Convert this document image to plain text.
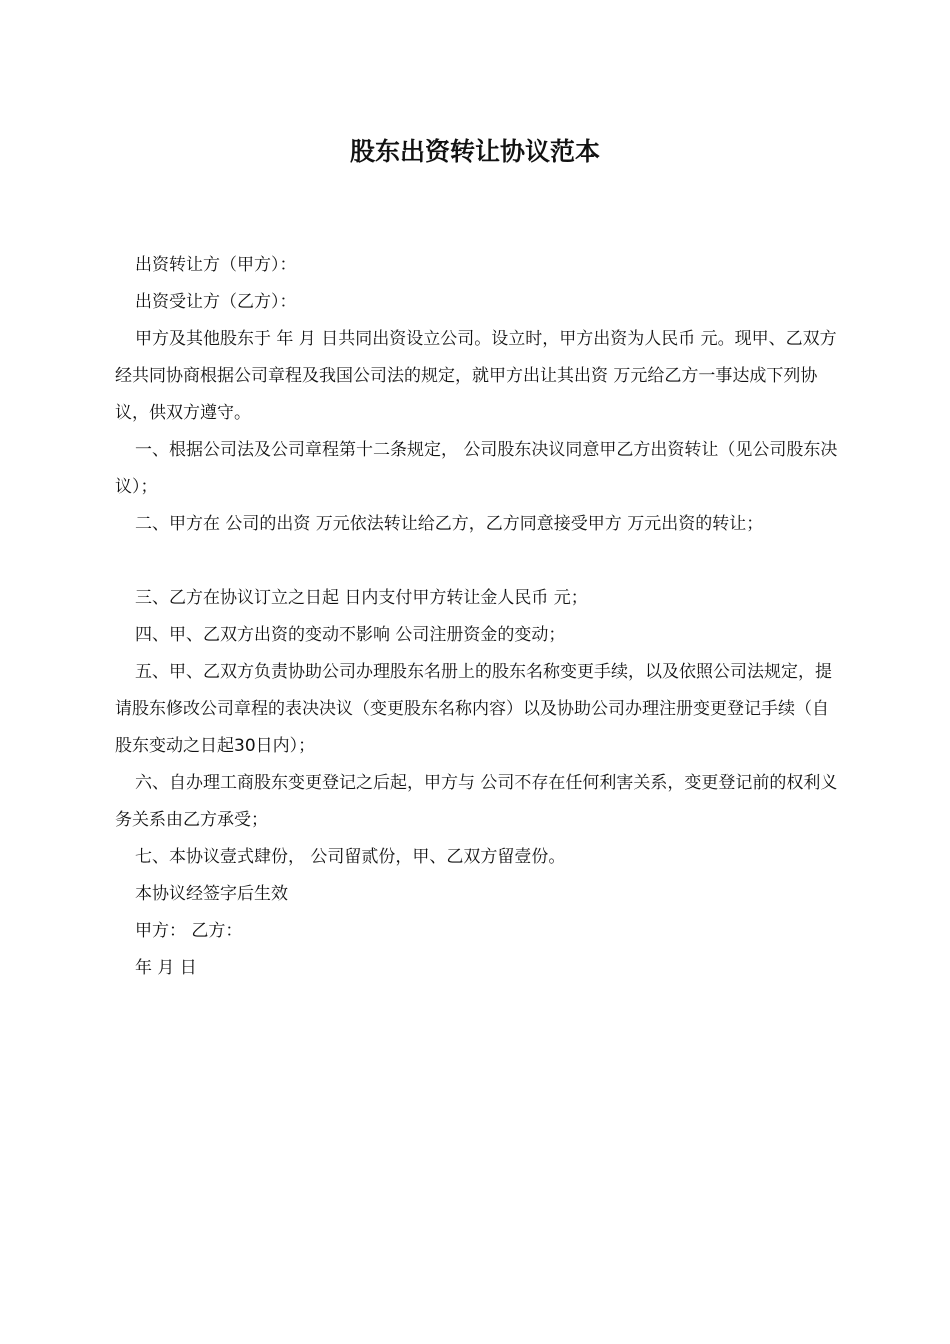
股东出资转让协议范本

出资转让方（甲方）：

出资受让方（乙方）：

甲方及其他股东于 年 月 日共同出资设立公司。设立时，甲方出资为人民币 元。现甲、乙双方经共同协商根据公司章程及我国公司法的规定，就甲方出让其出资 万元给乙方一事达成下列协议，供双方遵守。

一、根据公司法及公司章程第十二条规定， 公司股东决议同意甲乙方出资转让（见公司股东决议）；

二、甲方在 公司的出资 万元依法转让给乙方，乙方同意接受甲方 万元出资的转让；

三、乙方在协议订立之日起 日内支付甲方转让金人民币 元；

四、甲、乙双方出资的变动不影响 公司注册资金的变动；

五、甲、乙双方负责协助公司办理股东名册上的股东名称变更手续，以及依照公司法规定，提请股东修改公司章程的表决决议（变更股东名称内容）以及协助公司办理注册变更登记手续（自股东变动之日起30日内）；

六、自办理工商股东变更登记之后起，甲方与 公司不存在任何利害关系，变更登记前的权利义务关系由乙方承受；

七、本协议壹式肆份， 公司留贰份，甲、乙双方留壹份。

本协议经签字后生效

甲方： 乙方：

年 月 日
